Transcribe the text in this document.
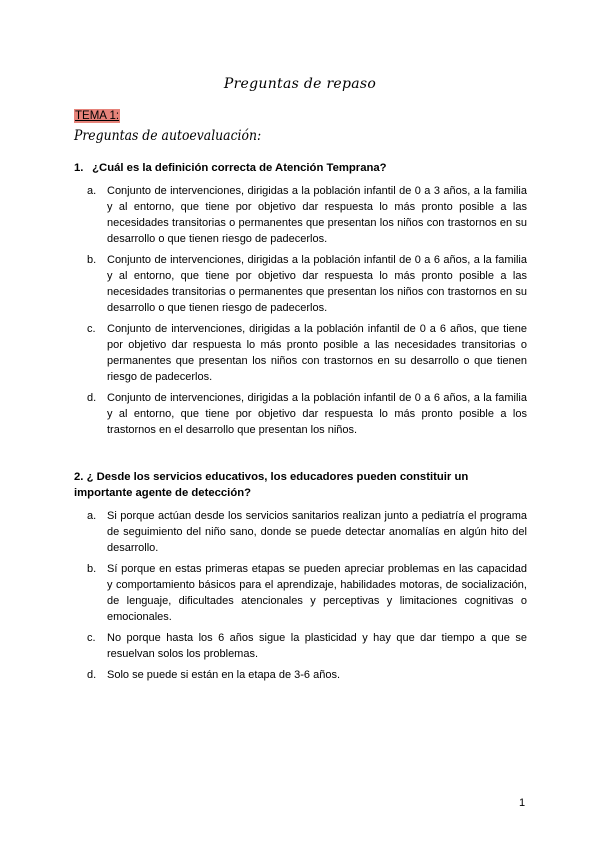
Preguntas de repaso
TEMA 1:
Preguntas de autoevaluación:
1. ¿Cuál es la definición correcta de Atención Temprana?
a. Conjunto de intervenciones, dirigidas a la población infantil de 0 a 3 años, a la familia y al entorno, que tiene por objetivo dar respuesta lo más pronto posible a las necesidades transitorias o permanentes que presentan los niños con trastornos en su desarrollo o que tienen riesgo de padecerlos.
b. Conjunto de intervenciones, dirigidas a la población infantil de 0 a 6 años, a la familia y al entorno, que tiene por objetivo dar respuesta lo más pronto posible a las necesidades transitorias o permanentes que presentan los niños con trastornos en su desarrollo o que tienen riesgo de padecerlos.
c. Conjunto de intervenciones, dirigidas a la población infantil de 0 a 6 años, que tiene por objetivo dar respuesta lo más pronto posible a las necesidades transitorias o permanentes que presentan los niños con trastornos en su desarrollo o que tienen riesgo de padecerlos.
d. Conjunto de intervenciones, dirigidas a la población infantil de 0 a 6 años, a la familia y al entorno, que tiene por objetivo dar respuesta lo más pronto posible a los trastornos en el desarrollo que presentan los niños.
2. ¿ Desde los servicios educativos, los educadores pueden constituir un importante agente de detección?
a. Si porque actúan desde los servicios sanitarios realizan junto a pediatría el programa de seguimiento del niño sano, donde se puede detectar anomalías en algún hito del desarrollo.
b. Sí porque en estas primeras etapas se pueden apreciar problemas en las capacidad y comportamiento básicos para el aprendizaje, habilidades motoras, de socialización, de lenguaje, dificultades atencionales y perceptivas y limitaciones cognitivas o emocionales.
c. No porque hasta los 6 años sigue la plasticidad y hay que dar tiempo a que se resuelvan solos los problemas.
d. Solo se puede si están en la etapa de 3-6 años.
1
